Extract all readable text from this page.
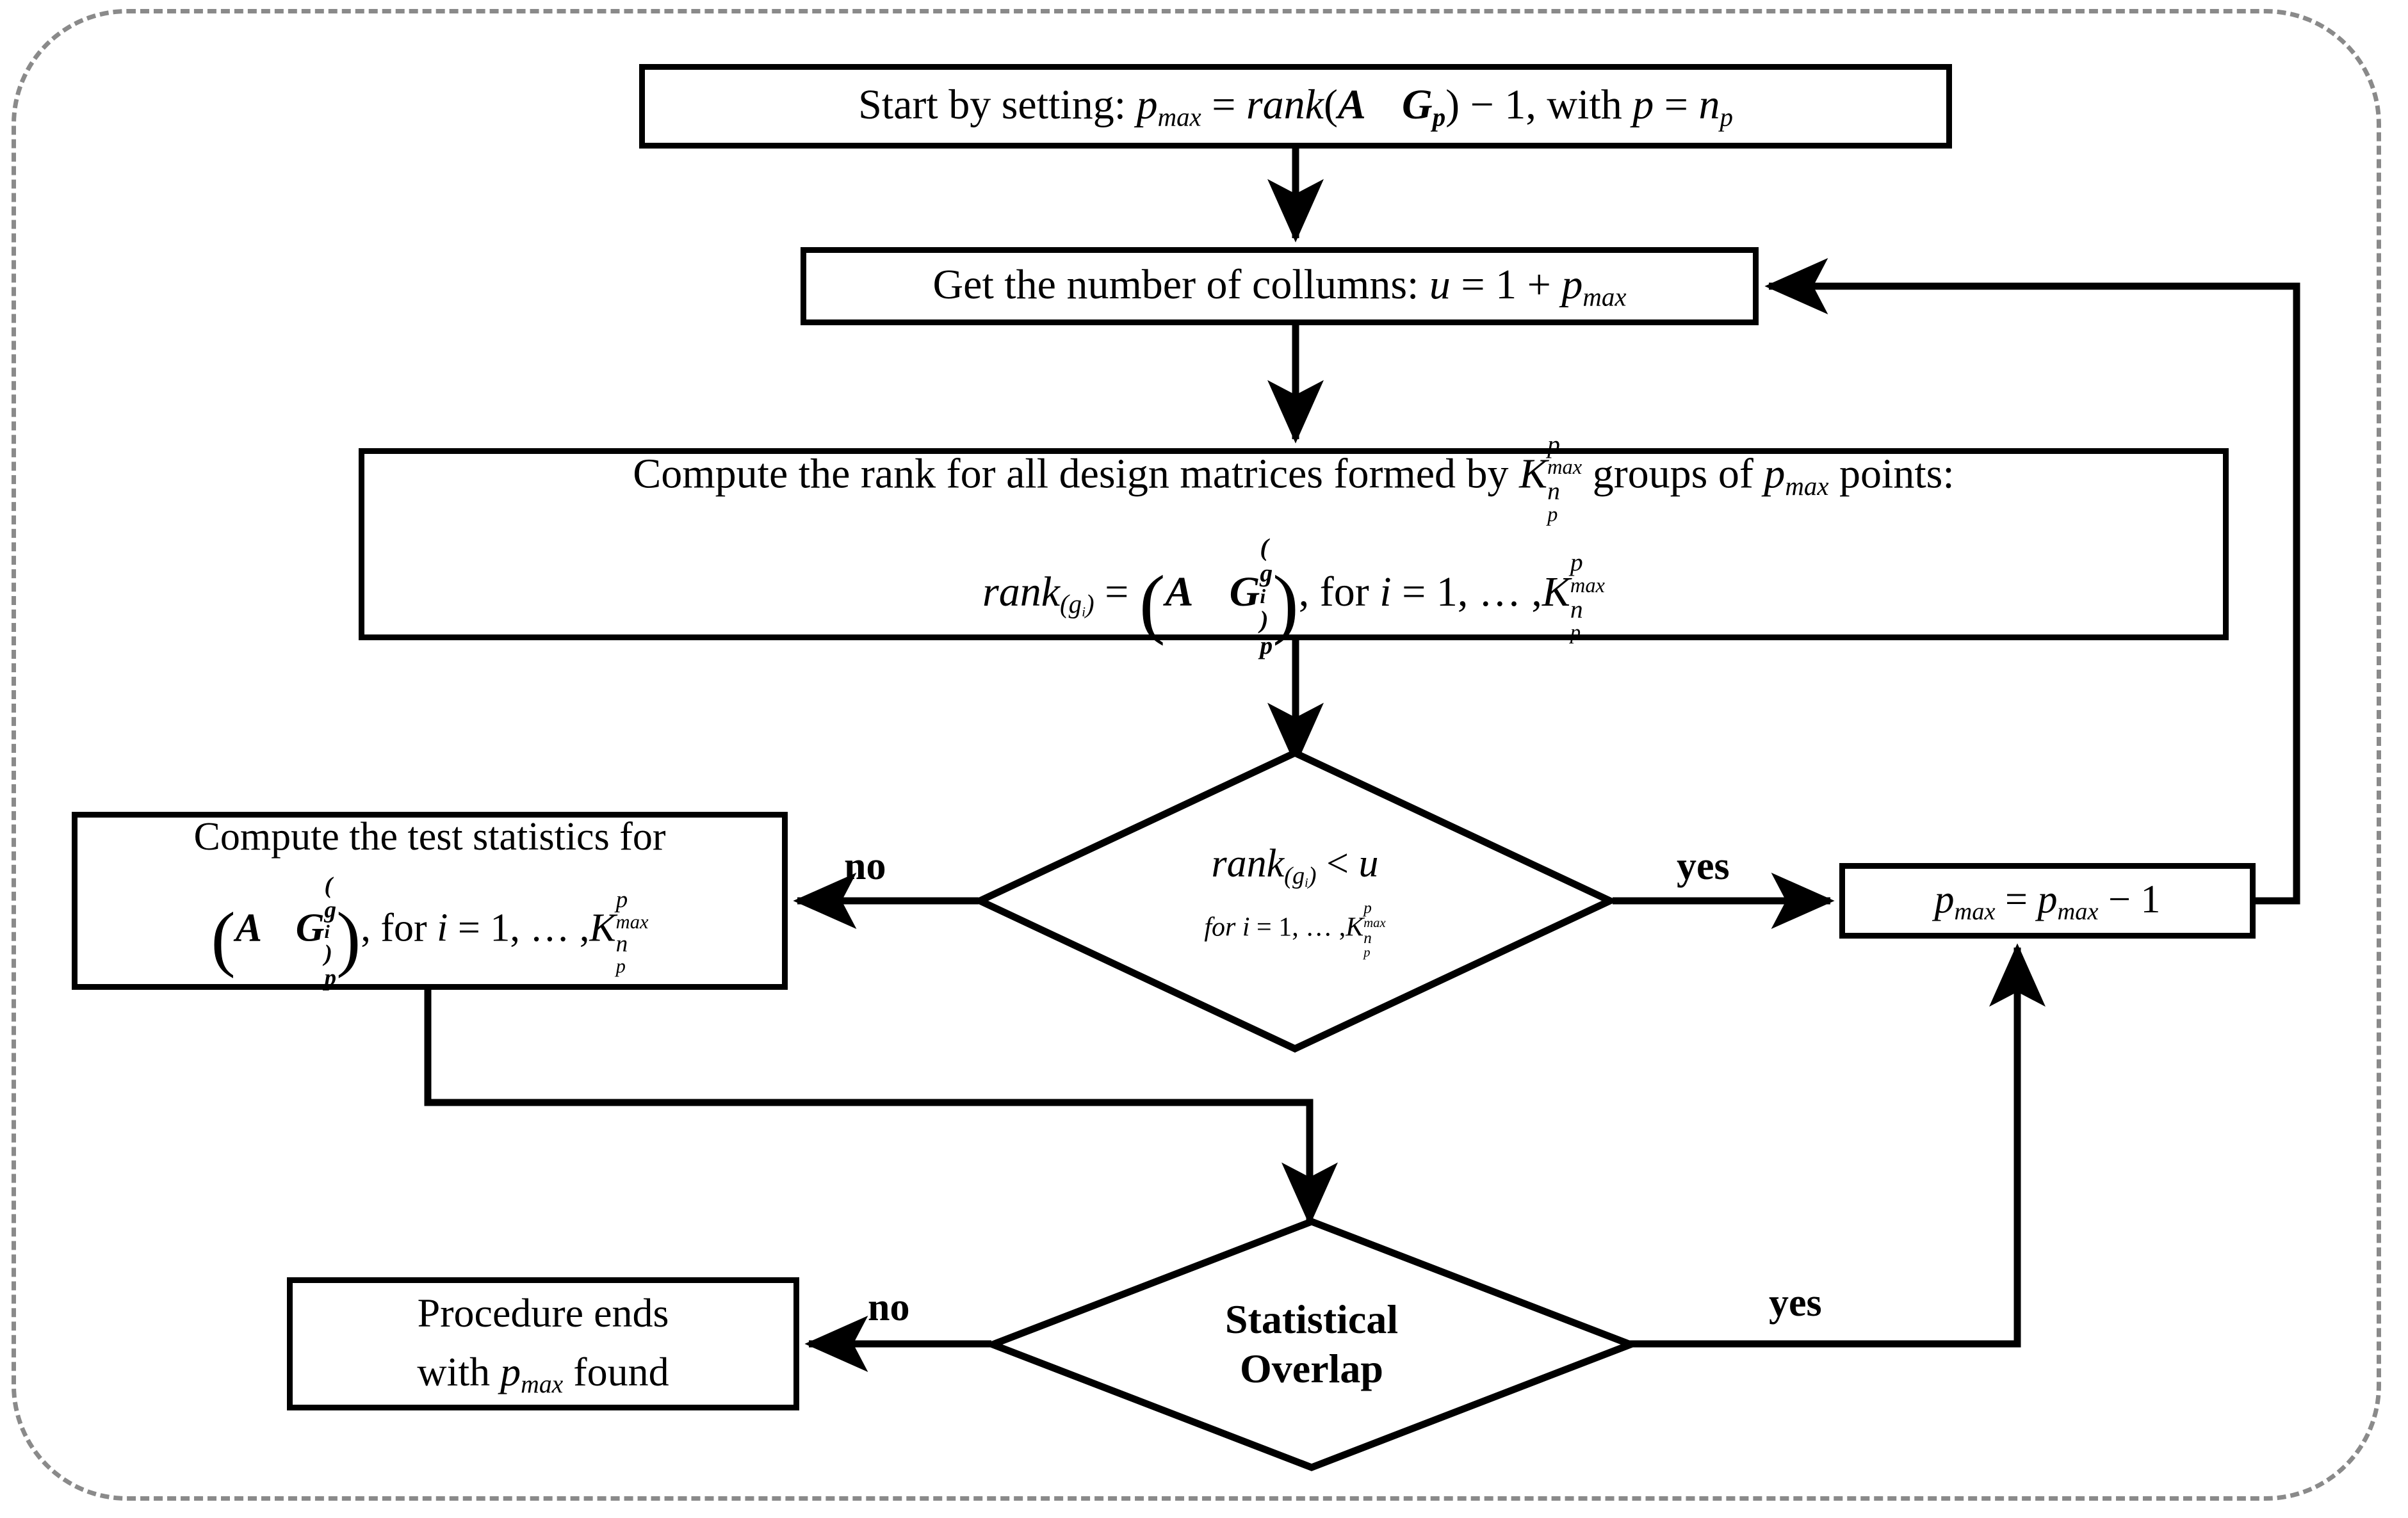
Start by setting: pmax = rank(A Gp) − 1, with p = np
Get the number of collumns: u = 1 + pmax
Compute the rank for all design matrices formed by K
p
max
n
p
groups of pmax points:
rank(gi) = (A G
(
g
i
)
p ), for i = 1, … ,K
p
max
n
p
Compute the test statistics for
(A G
(
g
i
)
p ), for i = 1, … ,K
p
max
n
p
pmax = pmax − 1
Procedure ends
with pmax found
rank(gi) < u
for i = 1, … ,K
p
max
n
p
Statistical
Overlap
no	yes
no	yes
